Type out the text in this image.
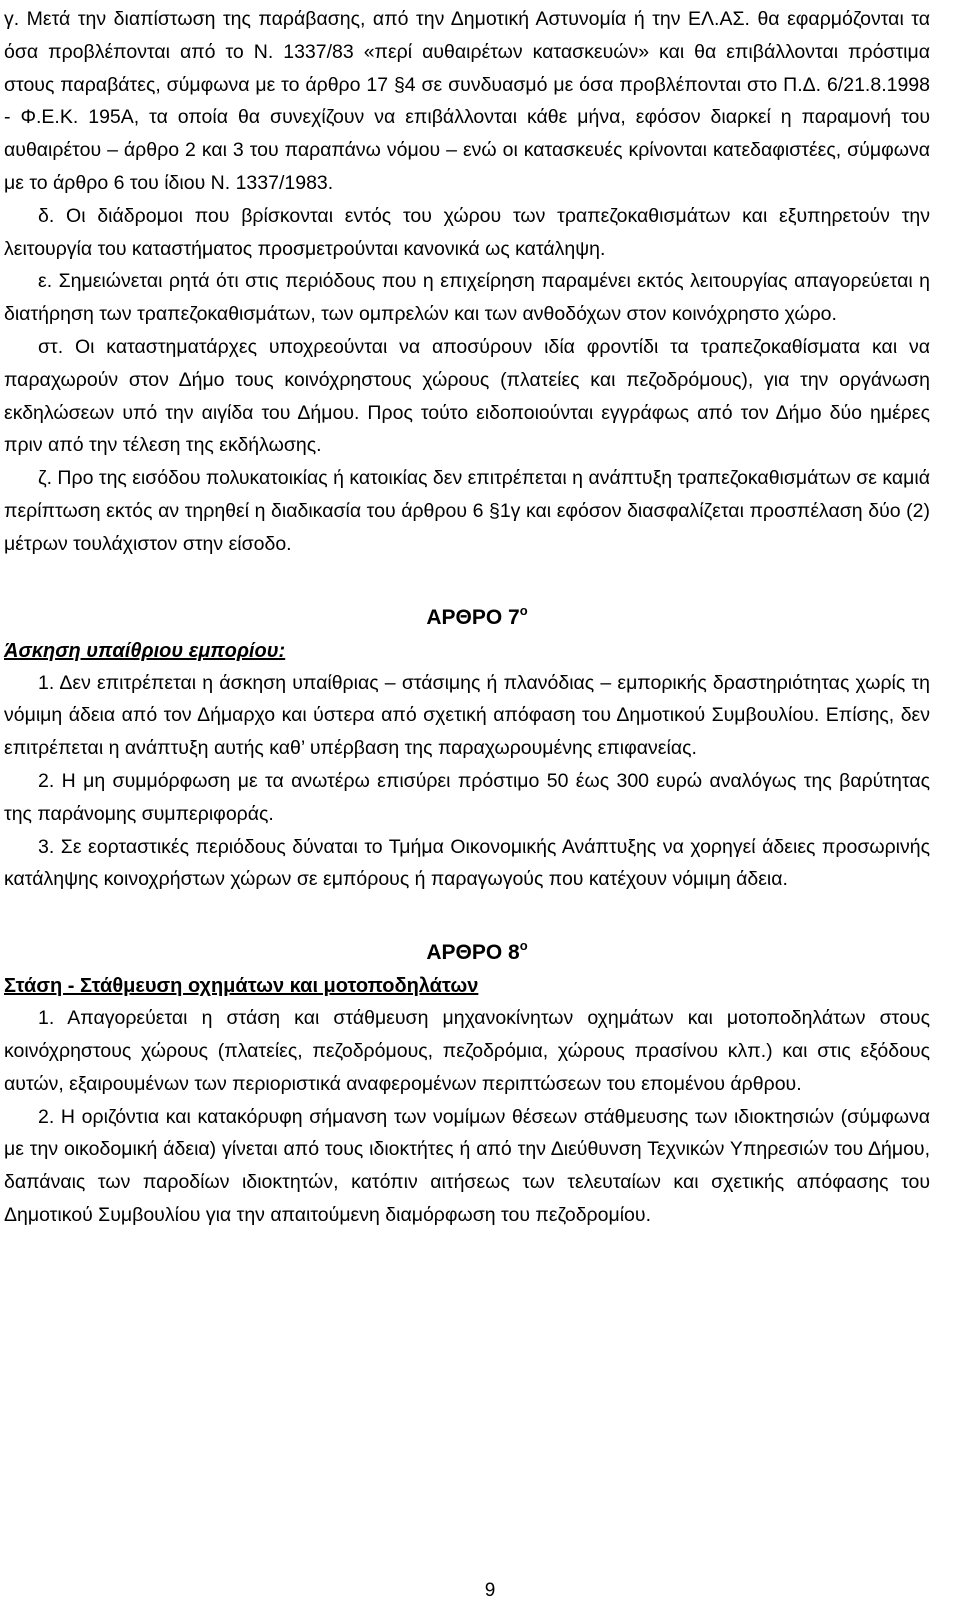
γ. Μετά την διαπίστωση της παράβασης, από την Δημοτική Αστυνομία ή την ΕΛ.ΑΣ. θα εφαρμόζονται τα όσα προβλέπονται από το Ν. 1337/83 «περί αυθαιρέτων κατασκευών» και θα επιβάλλονται πρόστιμα στους παραβάτες, σύμφωνα με το άρθρο 17 §4 σε συνδυασμό με όσα προβλέπονται στο Π.Δ. 6/21.8.1998 - Φ.Ε.Κ. 195Α, τα οποία θα συνεχίζουν να επιβάλλονται κάθε μήνα, εφόσον διαρκεί η παραμονή του αυθαιρέτου – άρθρο 2 και 3 του παραπάνω νόμου – ενώ οι κατασκευές κρίνονται κατεδαφιστέες, σύμφωνα με το άρθρο 6 του ίδιου Ν. 1337/1983.

δ. Οι διάδρομοι που βρίσκονται εντός του χώρου των τραπεζοκαθισμάτων και εξυπηρετούν την λειτουργία του καταστήματος προσμετρούνται κανονικά ως κατάληψη.

ε. Σημειώνεται ρητά ότι στις περιόδους που η επιχείρηση παραμένει εκτός λειτουργίας απαγορεύεται η διατήρηση των τραπεζοκαθισμάτων, των ομπρελών και των ανθοδόχων στον κοινόχρηστο χώρο.

στ. Οι καταστηματάρχες υποχρεούνται να αποσύρουν ιδία φροντίδι τα τραπεζοκαθίσματα και να παραχωρούν στον Δήμο τους κοινόχρηστους χώρους (πλατείες και πεζοδρόμους), για την οργάνωση εκδηλώσεων υπό την αιγίδα του Δήμου. Προς τούτο ειδοποιούνται εγγράφως από τον Δήμο δύο ημέρες πριν από την τέλεση της εκδήλωσης.

ζ. Προ της εισόδου πολυκατοικίας ή κατοικίας δεν επιτρέπεται η ανάπτυξη τραπεζοκαθισμάτων σε καμιά περίπτωση εκτός αν τηρηθεί η διαδικασία του άρθρου 6 §1γ και εφόσον διασφαλίζεται προσπέλαση δύο (2) μέτρων τουλάχιστον στην είσοδο.

ΑΡΘΡΟ $7^o$

Άσκηση υπαίθριου εμπορίου:

1. Δεν επιτρέπεται η άσκηση υπαίθριας – στάσιμης ή πλανόδιας – εμπορικής δραστηριότητας χωρίς τη νόμιμη άδεια από τον Δήμαρχο και ύστερα από σχετική απόφαση του Δημοτικού Συμβουλίου. Επίσης, δεν επιτρέπεται η ανάπτυξη αυτής καθ’ υπέρβαση της παραχωρουμένης επιφανείας.

2. Η μη συμμόρφωση με τα ανωτέρω επισύρει πρόστιμο 50 έως 300 ευρώ αναλόγως της βαρύτητας της παράνομης συμπεριφοράς.

3. Σε εορταστικές περιόδους δύναται το Τμήμα Οικονομικής Ανάπτυξης να χορηγεί άδειες προσωρινής κατάληψης κοινοχρήστων χώρων σε εμπόρους ή παραγωγούς που κατέχουν νόμιμη άδεια.

ΑΡΘΡΟ $8^o$

Στάση - Στάθμευση οχημάτων και μοτοποδηλάτων

1. Απαγορεύεται η στάση και στάθμευση μηχανοκίνητων οχημάτων και μοτοποδηλάτων στους κοινόχρηστους χώρους (πλατείες, πεζοδρόμους, πεζοδρόμια, χώρους πρασίνου κλπ.) και στις εξόδους αυτών, εξαιρουμένων των περιοριστικά αναφερομένων περιπτώσεων του επομένου άρθρου.

2. Η οριζόντια και κατακόρυφη σήμανση των νομίμων θέσεων στάθμευσης των ιδιοκτησιών (σύμφωνα με την οικοδομική άδεια) γίνεται από τους ιδιοκτήτες ή από την Διεύθυνση Τεχνικών Υπηρεσιών του Δήμου, δαπάναις των παροδίων ιδιοκτητών, κατόπιν αιτήσεως των τελευταίων και σχετικής απόφασης του Δημοτικού Συμβουλίου για την απαιτούμενη διαμόρφωση του πεζοδρομίου.

9
